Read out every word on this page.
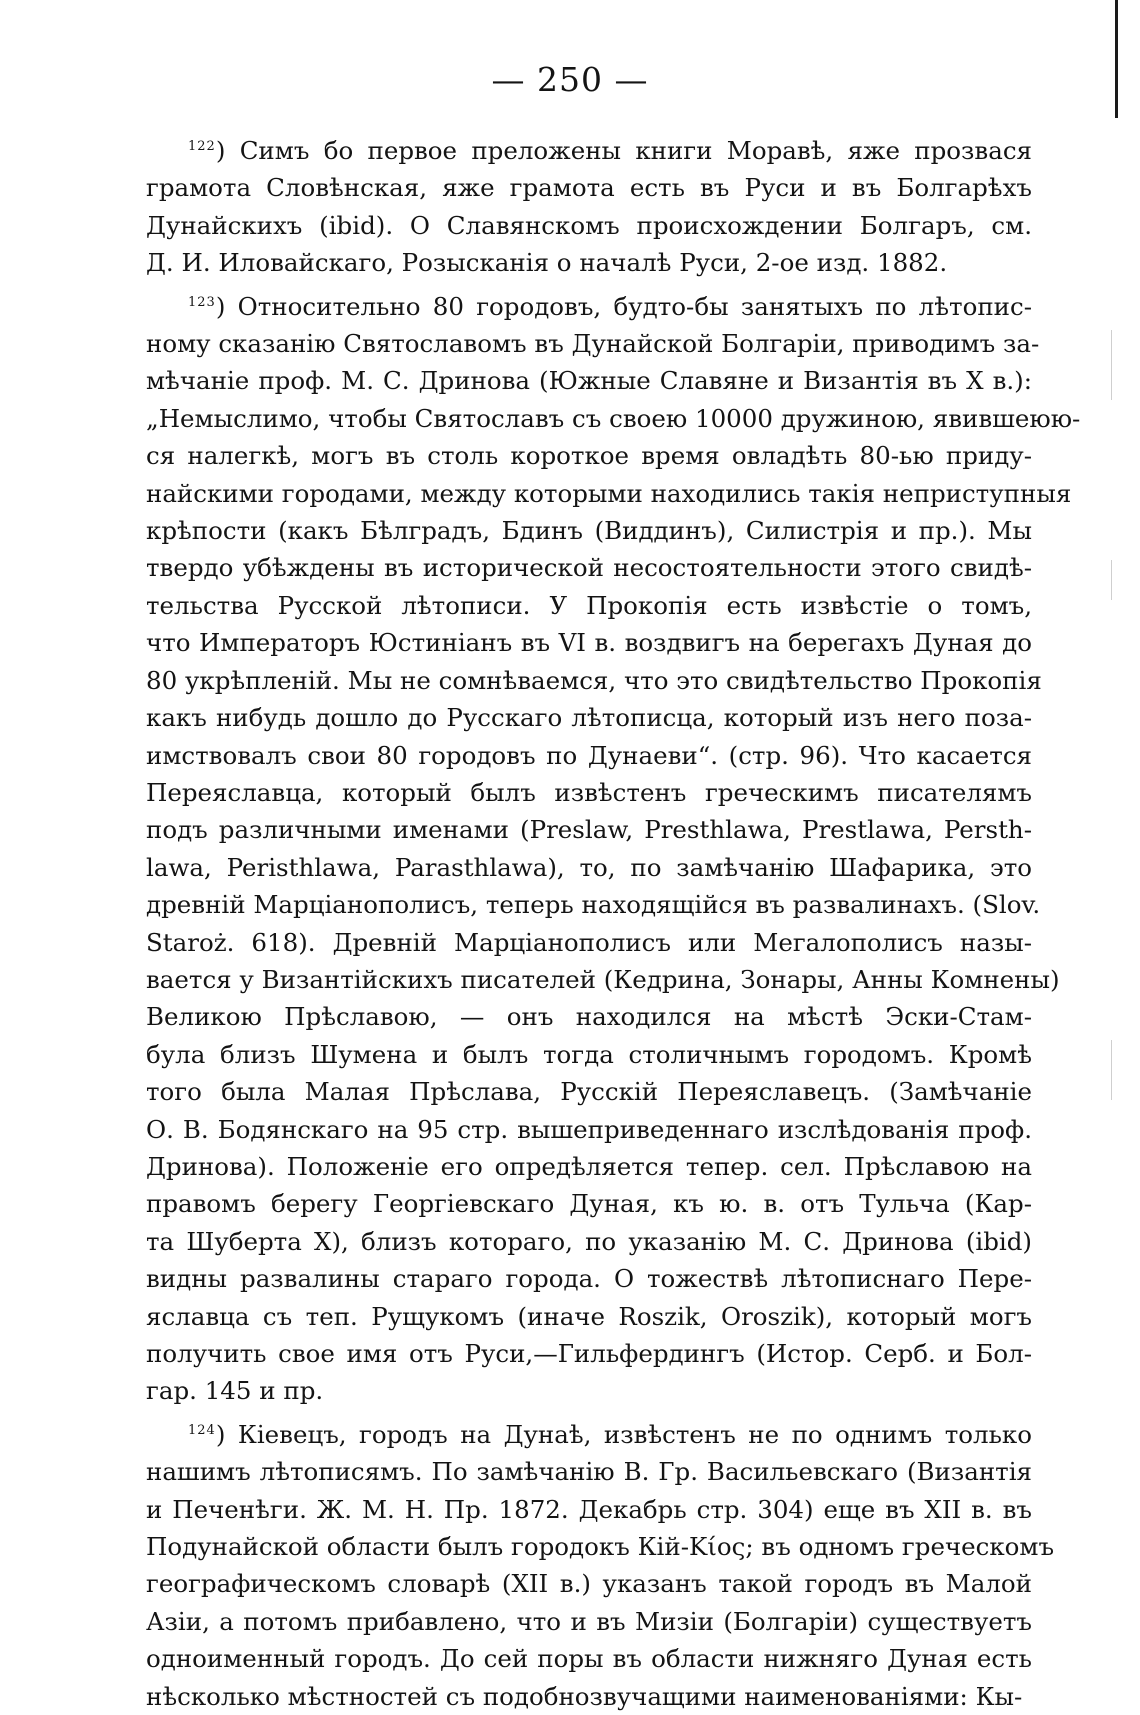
— 250 —
$^{122}$) Симъ бо первое преложены книги Моравѣ, яже прозвася
грамота Словѣнская, яже грамота есть въ Руси и въ Болгарѣхъ
Дунайскихъ (ibid). О Славянскомъ происхождении Болгаръ, см.
Д. И. Иловайскаго, Розысканія о началѣ Руси, 2-ое изд. 1882.
$^{123}$) Относительно 80 городовъ, будто-бы занятыхъ по лѣтопис-
ному сказанію Святославомъ въ Дунайской Болгаріи, приводимъ за-
мѣчаніе проф. М. С. Дринова (Южные Славяне и Византія въ X в.):
„Немыслимо, чтобы Святославъ съ своею 10000 дружиною, явившеюю-
ся налегкѣ, могъ въ столь короткое время овладѣть 80-ью приду-
найскими городами, между которыми находились такія неприступныя
крѣпости (какъ Бѣлградъ, Бдинъ (Виддинъ), Силистрія и пр.). Мы
твердо убѣждены въ исторической несостоятельности этого свидѣ-
тельства Русской лѣтописи. У Прокопія есть извѣстіе о томъ,
что Императоръ Юстиніанъ въ VI в. воздвигъ на берегахъ Дуная до
80 укрѣпленій. Мы не сомнѣваемся, что это свидѣтельство Прокопія
какъ нибудь дошло до Русскаго лѣтописца, который изъ него поза-
имствовалъ свои 80 городовъ по Дунаеви“. (стр. 96). Что касается
Переяславца, который былъ извѣстенъ греческимъ писателямъ
подъ различными именами (Preslaw, Presthlawa, Prestlawa, Persth-
lawa, Peristhlawa, Parasthlawa), то, по замѣчанію Шафарика, это
древній Марціанополисъ, теперь находящійся въ развалинахъ. (Slov.
Staroż. 618). Древній Марціанополисъ или Мегалополисъ назы-
вается у Византійскихъ писателей (Кедрина, Зонары, Анны Комнены)
Великою Прѣславою, — онъ находился на мѣстѣ Эски-Стам-
була близъ Шумена и былъ тогда столичнымъ городомъ. Кромѣ
того была Малая Прѣслава, Русскій Переяславецъ. (Замѣчаніе
О. В. Бодянскаго на 95 стр. вышеприведеннаго изслѣдованія проф.
Дринова). Положеніе его опредѣляется тепер. сел. Прѣславою на
правомъ берегу Георгіевскаго Дуная, къ ю. в. отъ Тульча (Кар-
та Шуберта X), близъ котораго, по указанію М. С. Дринова (ibid)
видны развалины стараго города. О тожествѣ лѣтописнаго Пере-
яславца съ теп. Рущукомъ (иначе Roszik, Oroszik), который могъ
получить свое имя отъ Руси,—Гильфердингъ (Истор. Серб. и Бол-
гар. 145 и пр.
$^{124}$) Кіевецъ, городъ на Дунаѣ, извѣстенъ не по однимъ только
нашимъ лѣтописямъ. По замѣчанію В. Гр. Васильевскаго (Византія
и Печенѣги. Ж. М. Н. Пр. 1872. Декабрь стр. 304) еще въ XII в. въ
Подунайской области былъ городокъ Кій-Κίος; въ одномъ греческомъ
географическомъ словарѣ (XII в.) указанъ такой городъ въ Малой
Азіи, а потомъ прибавлено, что и въ Мизіи (Болгаріи) существуетъ
одноименный городъ. До сей поры въ области нижняго Дуная есть
нѣсколько мѣстностей съ подобнозвучащими наименованіями: Кы-
